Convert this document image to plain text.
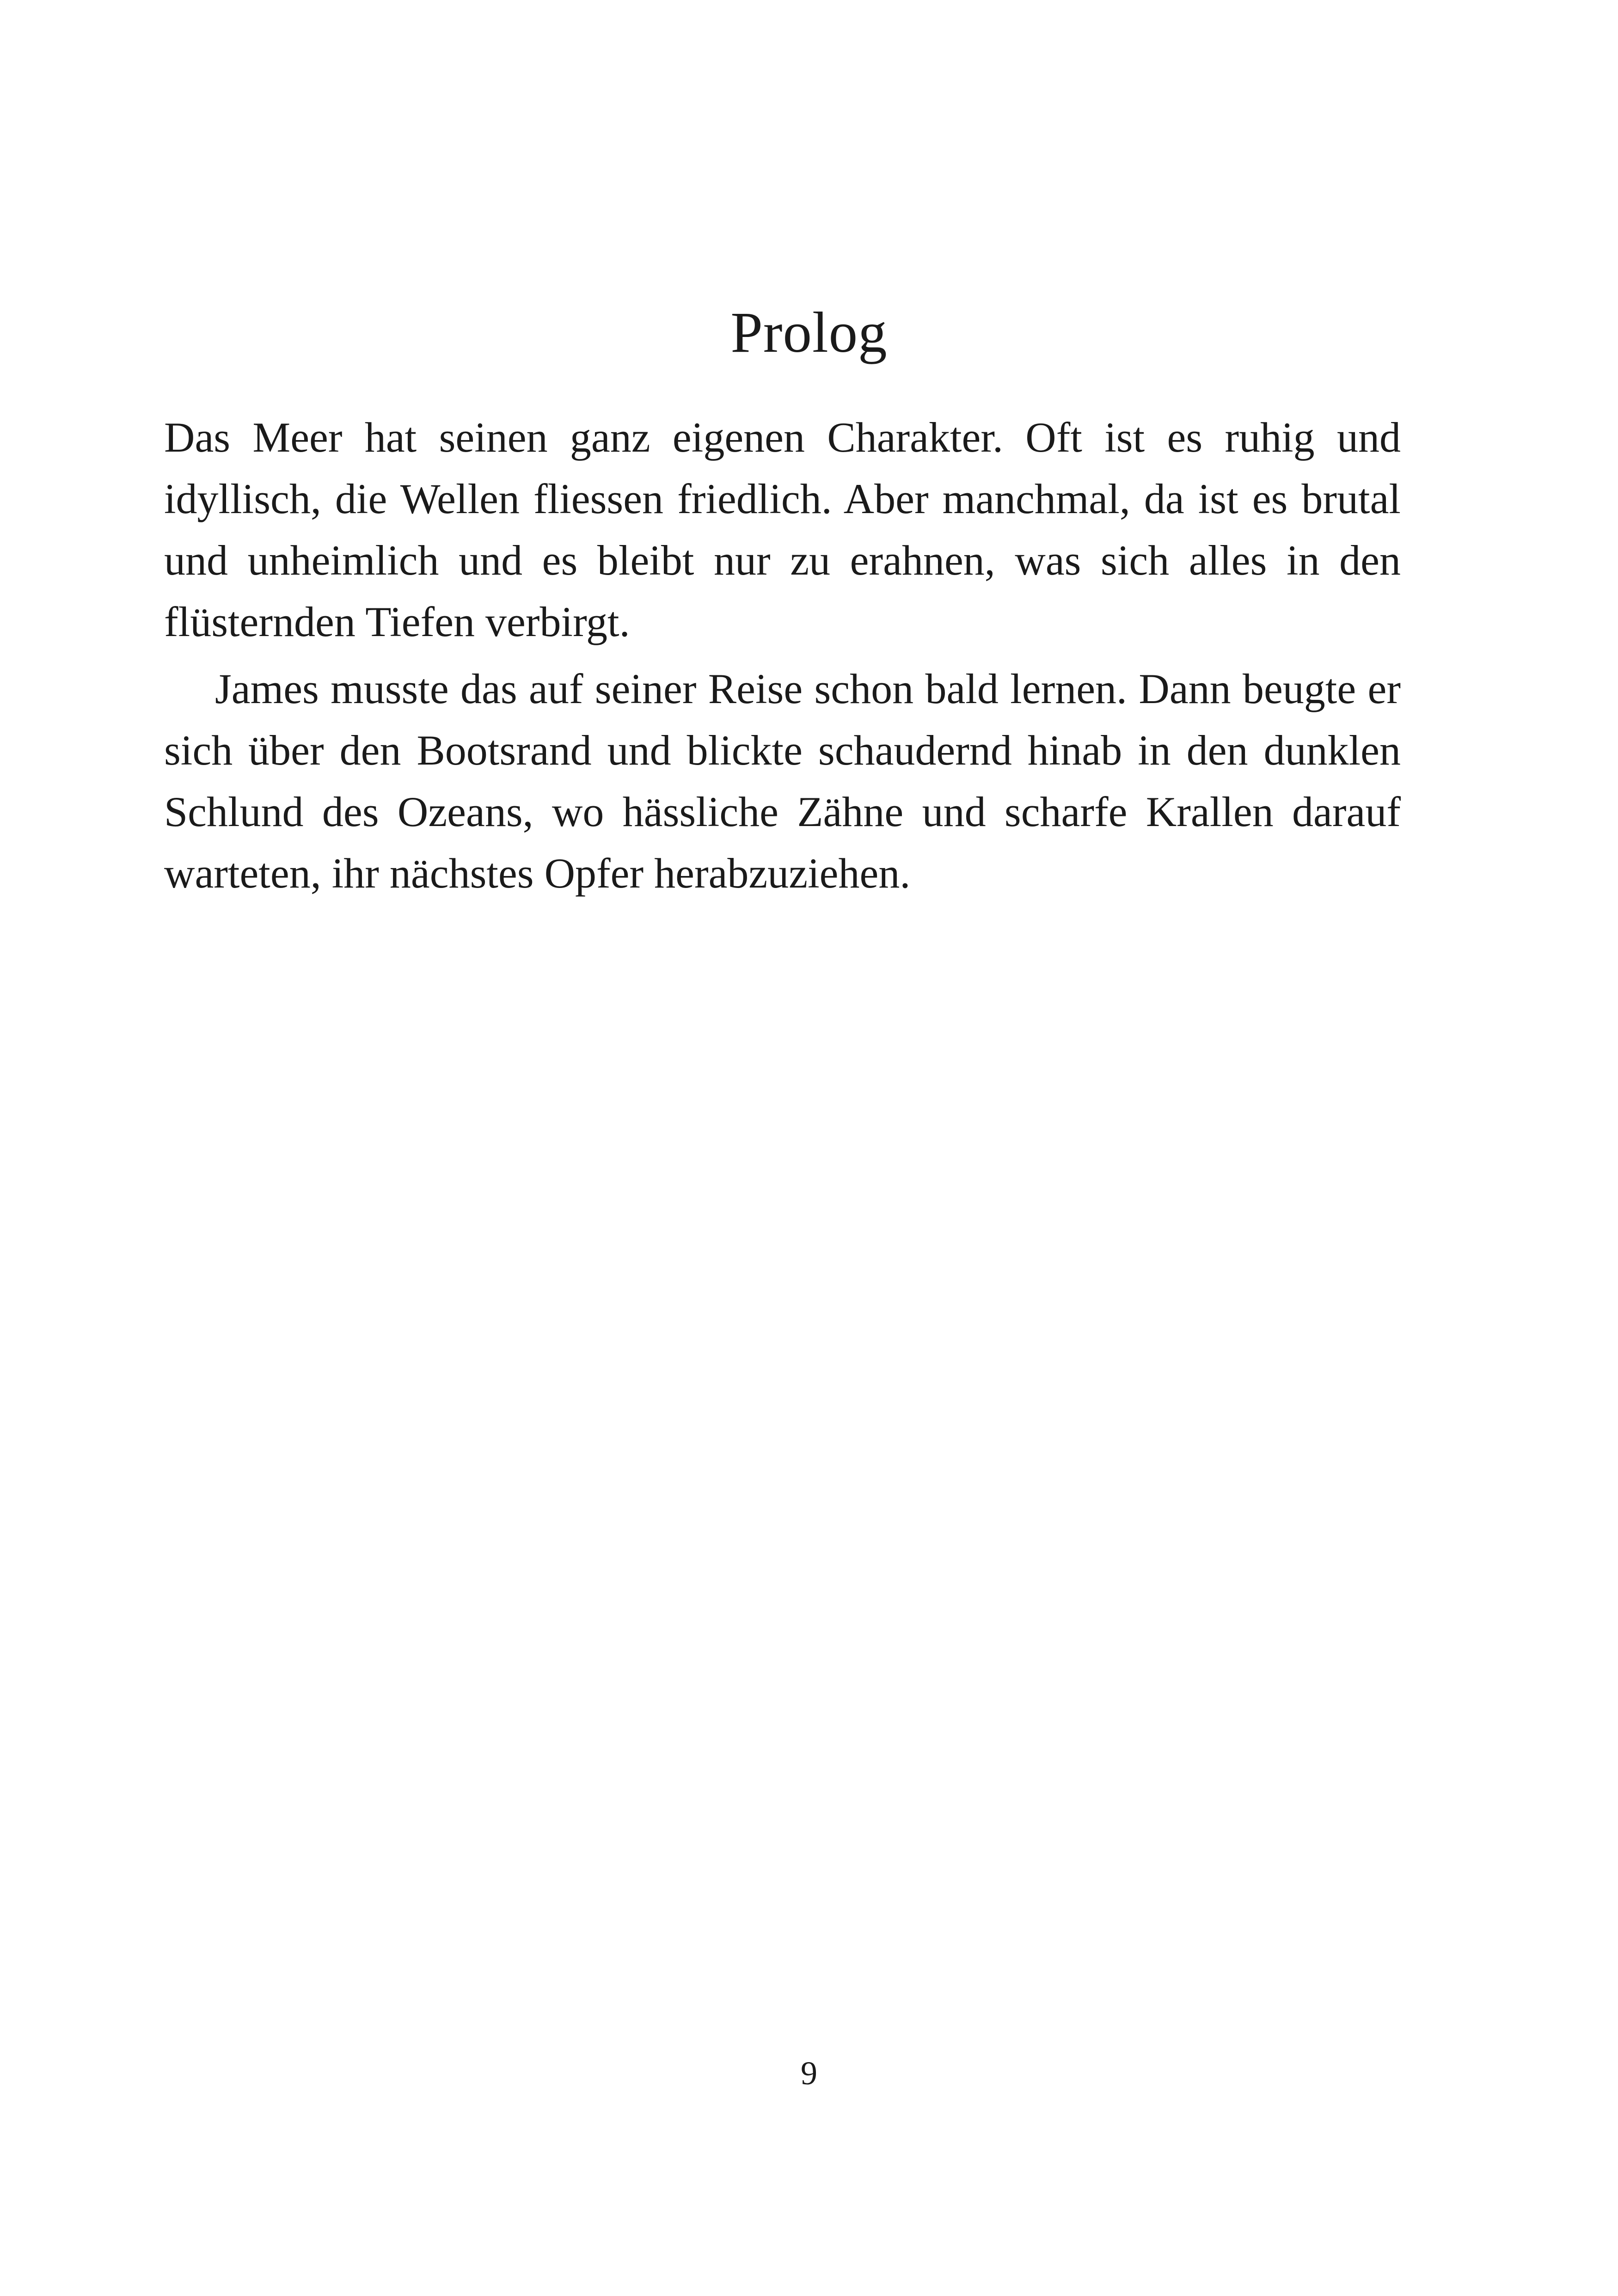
Prolog

Das Meer hat seinen ganz eigenen Charakter. Oft ist es ruhig und idyllisch, die Wellen fliessen friedlich. Aber manchmal, da ist es brutal und unheimlich und es bleibt nur zu erahnen, was sich alles in den flüsternden Tiefen verbirgt.

James musste das auf seiner Reise schon bald lernen. Dann beugte er sich über den Bootsrand und blickte schaudernd hinab in den dunklen Schlund des Ozeans, wo hässliche Zähne und scharfe Krallen darauf warteten, ihr nächstes Opfer herabzuziehen.

9
